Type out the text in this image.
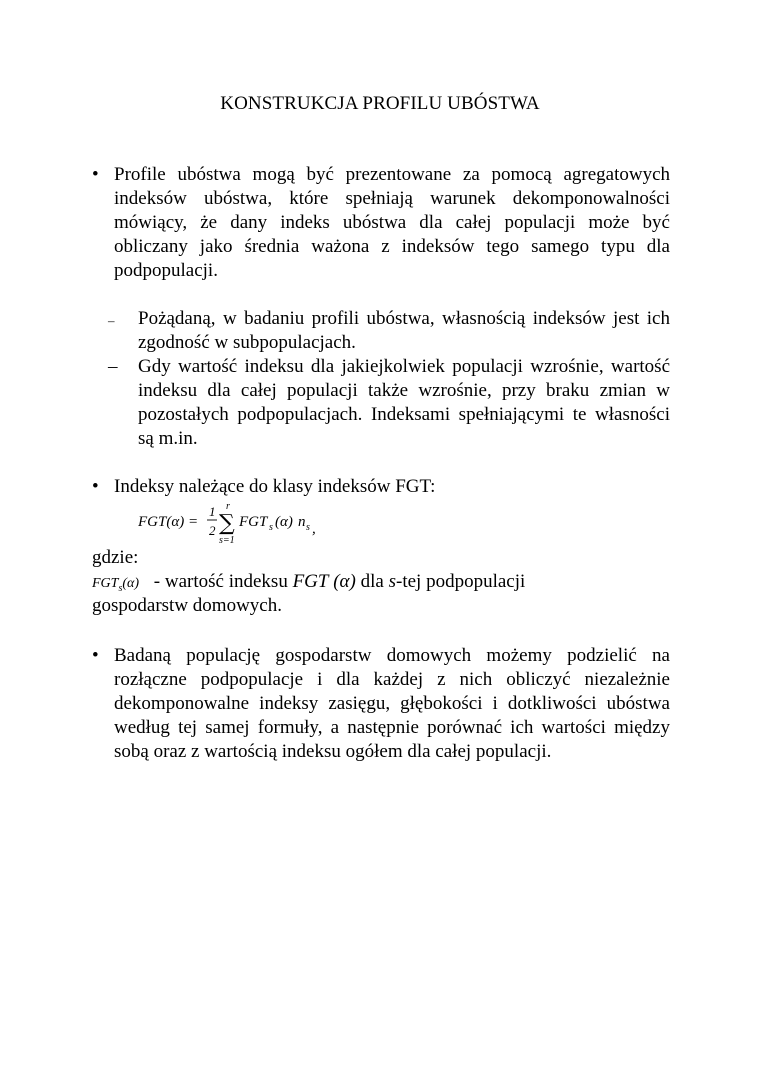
KONSTRUKCJA PROFILU UBÓSTWA
• Profile ubóstwa mogą być prezentowane za pomocą agregatowych indeksów ubóstwa, które spełniają warunek dekomponowalności mówiący, że dany indeks ubóstwa dla całej populacji może być obliczany jako średnia ważona z indeksów tego samego typu dla podpopulacji.
–	Pożądaną, w badaniu profili ubóstwa, własnością indeksów jest ich zgodność w subpopulacjach.
–	Gdy wartość indeksu dla jakiejkolwiek populacji wzrośnie, wartość indeksu dla całej populacji także wzrośnie, przy braku zmian w pozostałych podpopulacjach. Indeksami spełniającymi te własności są m.in.
• Indeksy należące do klasy indeksów FGT:
FGT(α) =
1
2
r
∑
s=1
FGT s (α) n s ,
gdzie:
$FGT_s(\alpha)$ - wartość indeksu FGT (α) dla s-tej podpopulacji
gospodarstw domowych.
• Badaną populację gospodarstw domowych możemy podzielić na rozłączne podpopulacje i dla każdej z nich obliczyć niezależnie dekomponowalne indeksy zasięgu, głębokości i dotkliwości ubóstwa według tej samej formuły, a następnie porównać ich wartości między sobą oraz z wartością indeksu ogółem dla całej populacji.
